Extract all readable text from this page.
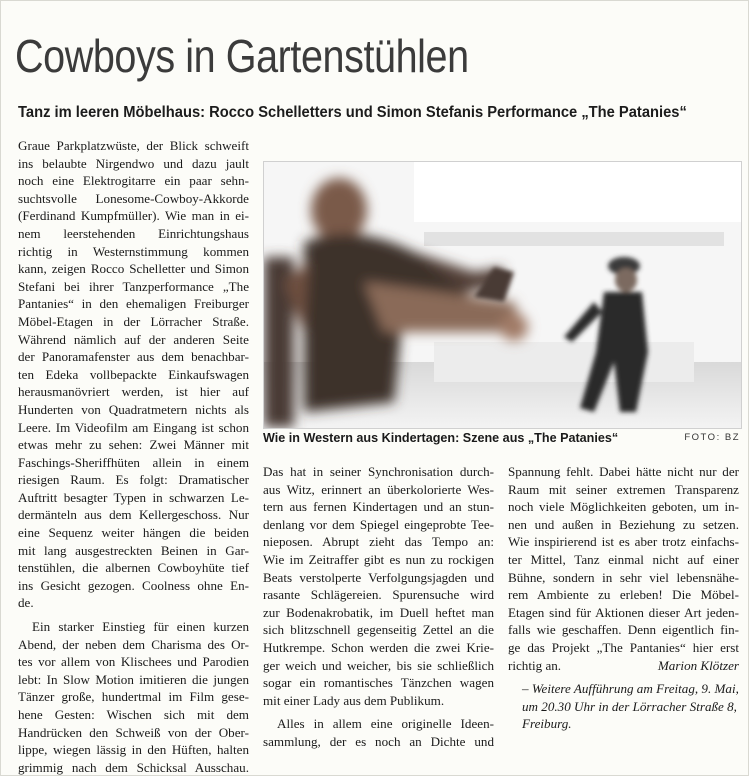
Cowboys in Gartenstühlen
Tanz im leeren Möbelhaus: Rocco Schelletters und Simon Stefanis Performance „The Patanies“
Graue Parkplatzwüste, der Blick schweift
ins belaubte Nirgendwo und dazu jault
noch eine Elektrogitarre ein paar sehn-
suchtsvolle Lonesome-Cowboy-Akkorde
(Ferdinand Kumpfmüller). Wie man in ei-
nem leerstehenden Einrichtungshaus
richtig in Westernstimmung kommen
kann, zeigen Rocco Schelletter und Simon
Stefani bei ihrer Tanzperformance „The
Pantanies“ in den ehemaligen Freiburger
Möbel-Etagen in der Lörracher Straße.
Während nämlich auf der anderen Seite
der Panoramafenster aus dem benachbar-
ten Edeka vollbepackte Einkaufswagen
herausmanövriert werden, ist hier auf
Hunderten von Quadratmetern nichts als
Leere. Im Videofilm am Eingang ist schon
etwas mehr zu sehen: Zwei Männer mit
Faschings-Sheriffhüten allein in einem
riesigen Raum. Es folgt: Dramatischer
Auftritt besagter Typen in schwarzen Le-
dermänteln aus dem Kellergeschoss. Nur
eine Sequenz weiter hängen die beiden
mit lang ausgestreckten Beinen in Gar-
tenstühlen, die albernen Cowboyhüte tief
ins Gesicht gezogen. Coolness ohne En-
de.
Ein starker Einstieg für einen kurzen
Abend, der neben dem Charisma des Or-
tes vor allem von Klischees und Parodien
lebt: In Slow Motion imitieren die jungen
Tänzer große, hundertmal im Film gese-
hene Gesten: Wischen sich mit dem
Handrücken den Schweiß von der Ober-
lippe, wiegen lässig in den Hüften, halten
grimmig nach dem Schicksal Ausschau.
Wie in Western aus Kindertagen: Szene aus „The Patanies“	FOTO: BZ
Das hat in seiner Synchronisation durch-
aus Witz, erinnert an überkolorierte Wes-
tern aus fernen Kindertagen und an stun-
denlang vor dem Spiegel eingeprobte Tee-
nieposen. Abrupt zieht das Tempo an:
Wie im Zeitraffer gibt es nun zu rockigen
Beats verstolperte Verfolgungsjagden und
rasante Schlägereien. Spurensuche wird
zur Bodenakrobatik, im Duell heftet man
sich blitzschnell gegenseitig Zettel an die
Hutkrempe. Schon werden die zwei Krie-
ger weich und weicher, bis sie schließlich
sogar ein romantisches Tänzchen wagen
mit einer Lady aus dem Publikum.
Alles in allem eine originelle Ideen-
sammlung, der es noch an Dichte und
Spannung fehlt. Dabei hätte nicht nur der
Raum mit seiner extremen Transparenz
noch viele Möglichkeiten geboten, um in-
nen und außen in Beziehung zu setzen.
Wie inspirierend ist es aber trotz einfachs-
ter Mittel, Tanz einmal nicht auf einer
Bühne, sondern in sehr viel lebensnähe-
rem Ambiente zu erleben! Die Möbel-
Etagen sind für Aktionen dieser Art jeden-
falls wie geschaffen. Denn eigentlich fin-
ge das Projekt „The Pantanies“ hier erst
richtig an.	Marion Klötzer
– Weitere Aufführung am Freitag, 9. Mai,
um 20.30 Uhr in der Lörracher Straße 8,
Freiburg.
